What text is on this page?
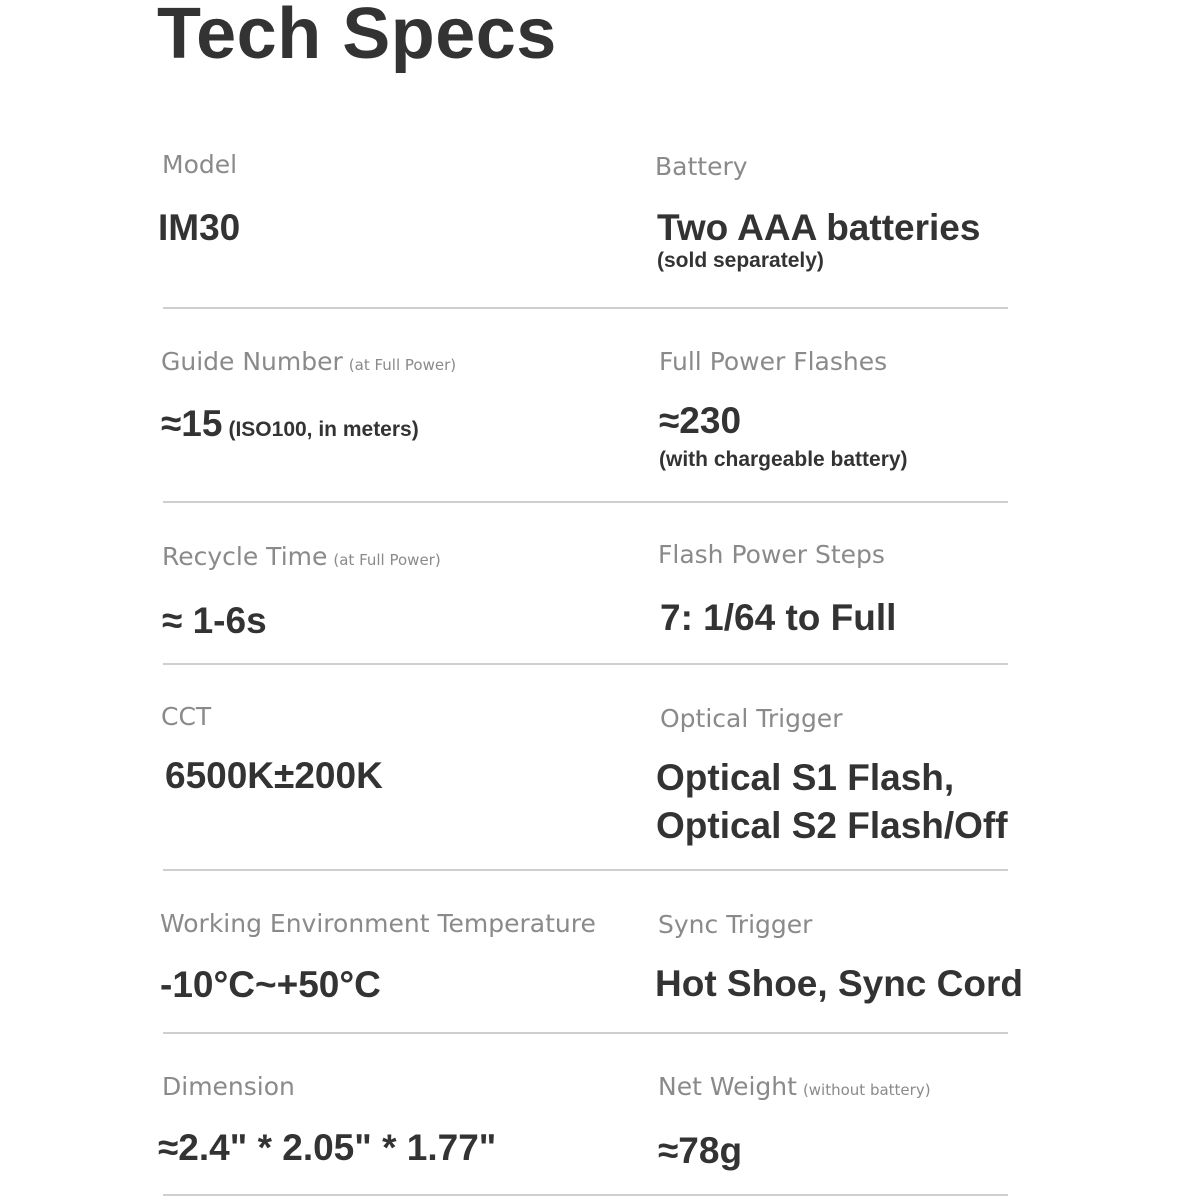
Tech Specs
Model
IM30
Battery
Two AAA batteries
(sold separately)
Guide Number (at Full Power)
≈15 (ISO100, in meters)
Full Power Flashes
≈230
(with chargeable battery)
Recycle Time (at Full Power)
≈ 1-6s
Flash Power Steps
7: 1/64 to Full
CCT
6500K±200K
Optical Trigger
Optical S1 Flash,
Optical S2 Flash/Off
Working Environment Temperature
-10°C~+50°C
Sync Trigger
Hot Shoe, Sync Cord
Dimension
≈2.4" * 2.05" * 1.77"
Net Weight (without battery)
≈78g
